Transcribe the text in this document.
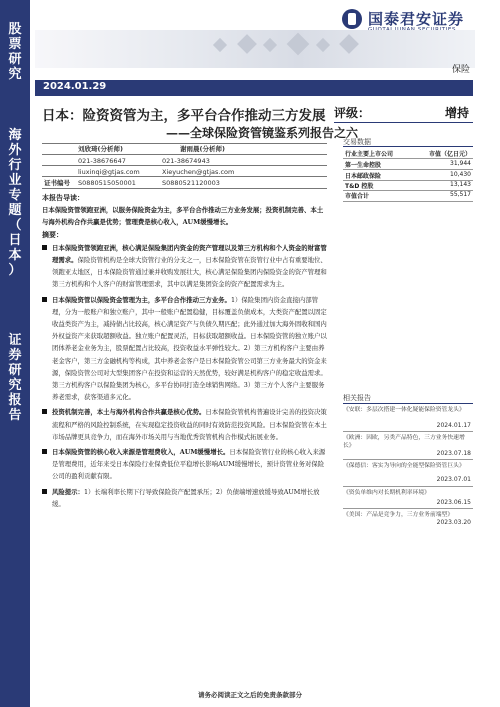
股
票
研
究
海
外
行
业
专
题
（
日
本
）
证
券
研
究
报
告
国泰君安证券
保险
2024.01.29
日本：险资资管为主，多平台合作推动三方发展
——全球保险资管镜鉴系列报告之六
评级：	增持
刘欣琦(分析师)	谢雨晨(分析师)
021-38676647	021-38674943
liuxinqi@gtjas.com	Xieyuchen@gtjas.com
证书编号 S0880515050001	S0880521120003

本报告导读：

日本保险资管领跑亚洲，以服务保险资金为主，多平台合作推动三方业务发展；投资机制完善、本土与海外机构合作共赢是优势；管理费是核心收入，AUM缓慢增长。

摘要：

日本保险资管领跑亚洲，核心满足保险集团内资金的资产管理以及第三方机构和个人资金的财富管理需求。保险资管机构是全球大资管行业的分支之一，日本保险资管在资管行业中占有重要地位、领跑亚太地区，日本保险资管通过兼并收购发展壮大，核心满足保险集团内保险资金的资产管理和第三方机构和个人客户的财富管理需求，其中以满足集团资金的资产配置需求为主。
日本保险资管以保险资金管理为主，多平台合作推动三方业务。1）保险集团内资金直接内部管理，分为一般账户和独立账户，其中一般账户配置稳健，目标覆盖负债成本，大类资产配置以固定收益类资产为主，减持债占比较高，核心满足资产与负债久期匹配；此外通过加大海外固收和国内外权益资产来获取超额收益。独立账户配置灵活，目标获取超额收益。日本保险资管的独立账户以团体养老金业务为主，股票配置占比较高，投资收益水平弹性较大。2）第三方机构客户主要由养老金客户，第三方金融机构等构成，其中养老金客户是日本保险资管公司第三方业务最大的资金来源，保险资管公司对大型集团客户在投资和运营的天然优势，较好满足机构客户的稳定收益需求。第三方机构客户以保险集团为核心，多平台协同打造全球销售网络。3）第三方个人客户主要服务养老需求，获客渠道多元化。
投资机制完善，本土与海外机构合作共赢是核心优势。日本保险资管机构普遍设计完善的投资决策流程和严格的风险控制系统，在实现稳定投资收益的同时有效防范投资风险。日本保险资管在本土市场品牌更具竞争力，而在海外市场关用与当地优秀资管机构合作模式拓展业务。
日本保险资管的核心收入来源是管理费收入，AUM缓慢增长。日本保险资管行业的核心收入来源是管理费用，近年来受日本保险行业保费低位平稳增长影响AUM缓慢增长，预计资管业务对保险公司的盈利贡献有限。
风险提示：1）长端利率长期下行导致保险资产配置承压；2）负债端增速放缓导致AUM增长放缓。
交易数据
行业主要上市公司	市值（亿日元）
第一生命控股	31,944
日本邮政保险	10,430
T&D 控股	13,143
市值合计	55,517
相关报告
《安联：多层次搭建一体化疑能保险资管龙头》
2024.01.17
《欧洲：因欧，另类产品特色，三方业务快速增长》
2023.07.18
《保德信：客实为导向的全能型保险资管巨头》
2023.07.01
《资负单维内对长期机利率环境》
2023.06.15
《美国：产品是竞争力，三方业务前端型》
2023.03.20
请务必阅读正文之后的免责条款部分
